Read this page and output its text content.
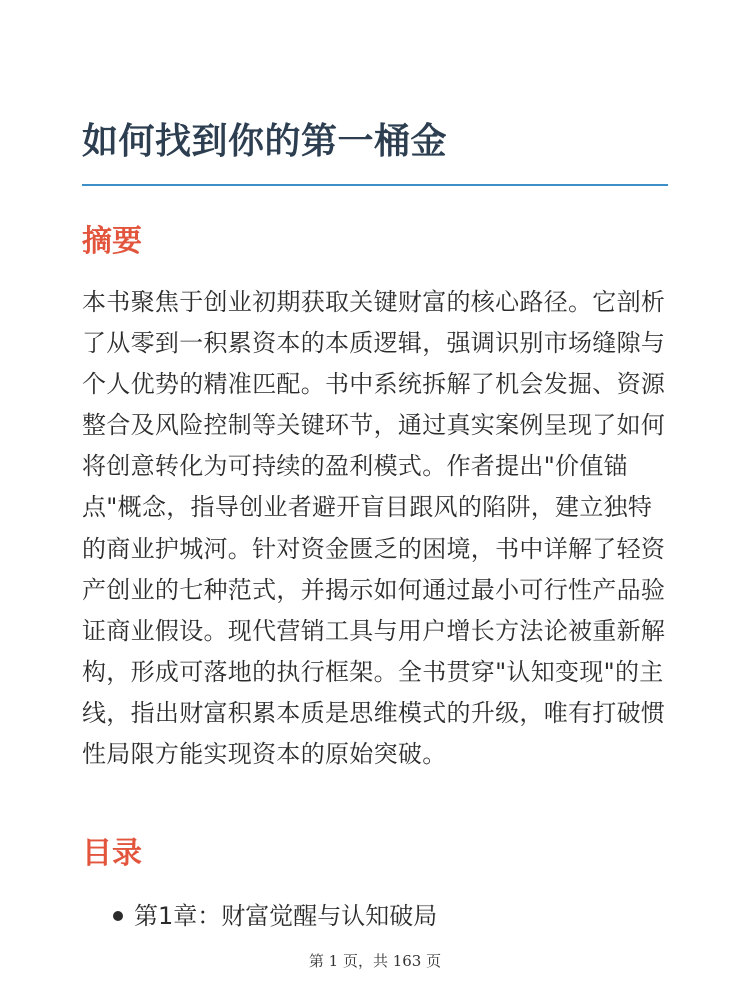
如何找到你的第一桶金
摘要

本书聚焦于创业初期获取关键财富的核心路径。它剖析了从零到一积累资本的本质逻辑，强调识别市场缝隙与个人优势的精准匹配。书中系统拆解了机会发掘、资源整合及风险控制等关键环节，通过真实案例呈现了如何将创意转化为可持续的盈利模式。作者提出"价值锚点"概念，指导创业者避开盲目跟风的陷阱，建立独特的商业护城河。针对资金匮乏的困境，书中详解了轻资产创业的七种范式，并揭示如何通过最小可行性产品验证商业假设。现代营销工具与用户增长方法论被重新解构，形成可落地的执行框架。全书贯穿"认知变现"的主线，指出财富积累本质是思维模式的升级，唯有打破惯性局限方能实现资本的原始突破。

目录
第1章：财富觉醒与认知破局
第 1 页，共 163 页
